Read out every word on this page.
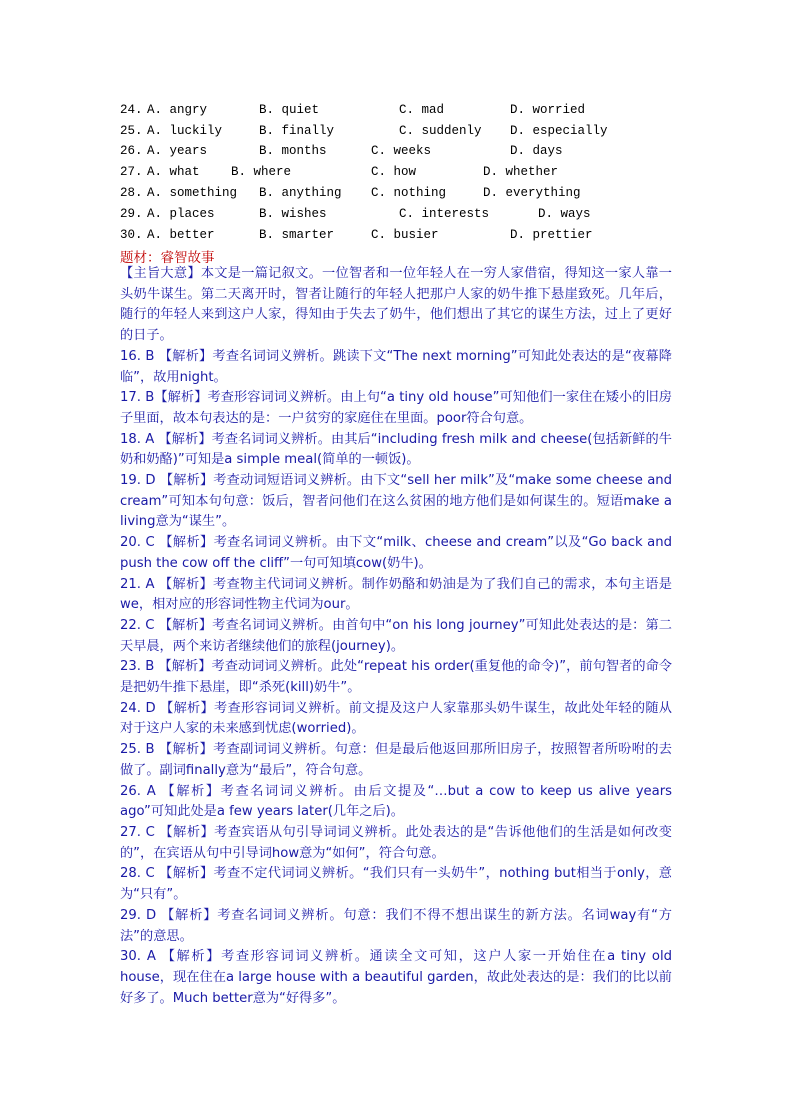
24. A. angry	B. quiet	C. mad	D. worried
25. A. luckily	B. finally	C. suddenly D. especially
26. A. years	B. months	C. weeks	D. days
27. A. what	B. where	C. how	D. whether
28. A. something B. anything C. nothing	D. everything
29. A. places	B. wishes	C. interests	D. ways
30. A. better	B. smarter	C. busier	D. prettier
题材：睿智故事

【主旨大意】本文是一篇记叙文。一位智者和一位年轻人在一穷人家借宿，得知这一家人靠一头奶牛谋生。第二天离开时，智者让随行的年轻人把那户人家的奶牛推下悬崖致死。几年后，随行的年轻人来到这户人家，得知由于失去了奶牛，他们想出了其它的谋生方法，过上了更好的日子。

16. B 【解析】考查名词词义辨析。跳读下文“The next morning”可知此处表达的是“夜幕降临”，故用night。

17. B【解析】考查形容词词义辨析。由上句“a tiny old house”可知他们一家住在矮小的旧房子里面，故本句表达的是：一户贫穷的家庭住在里面。poor符合句意。

18. A 【解析】考查名词词义辨析。由其后“including fresh milk and cheese(包括新鲜的牛奶和奶酪)”可知是a simple meal(简单的一顿饭)。

19. D 【解析】考查动词短语词义辨析。由下文“sell her milk”及“make some cheese and cream”可知本句句意：饭后，智者问他们在这么贫困的地方他们是如何谋生的。短语make a living意为“谋生”。

20. C 【解析】考查名词词义辨析。由下文“milk、cheese and cream”以及“Go back and push the cow off the cliff”一句可知填cow(奶牛)。

21. A 【解析】考查物主代词词义辨析。制作奶酪和奶油是为了我们自己的需求，本句主语是we，相对应的形容词性物主代词为our。

22. C 【解析】考查名词词义辨析。由首句中“on his long journey”可知此处表达的是：第二天早晨，两个来访者继续他们的旅程(journey)。

23. B 【解析】考查动词词义辨析。此处“repeat his order(重复他的命令)”，前句智者的命令是把奶牛推下悬崖，即“杀死(kill)奶牛”。

24. D 【解析】考查形容词词义辨析。前文提及这户人家靠那头奶牛谋生，故此处年轻的随从对于这户人家的未来感到忧虑(worried)。

25. B 【解析】考查副词词义辨析。句意：但是最后他返回那所旧房子，按照智者所吩咐的去做了。副词finally意为“最后”，符合句意。

26. A 【解析】考查名词词义辨析。由后文提及“…but a cow to keep us alive years ago”可知此处是a few years later(几年之后)。

27. C 【解析】考查宾语从句引导词词义辨析。此处表达的是“告诉他他们的生活是如何改变的”，在宾语从句中引导词how意为“如何”，符合句意。

28. C 【解析】考查不定代词词义辨析。“我们只有一头奶牛”，nothing but相当于only，意为“只有”。

29. D 【解析】考查名词词义辨析。句意：我们不得不想出谋生的新方法。名词way有“方法”的意思。

30. A 【解析】考查形容词词义辨析。通读全文可知，这户人家一开始住在a tiny old house，现在住在a large house with a beautiful garden，故此处表达的是：我们的比以前好多了。Much better意为“好得多”。
